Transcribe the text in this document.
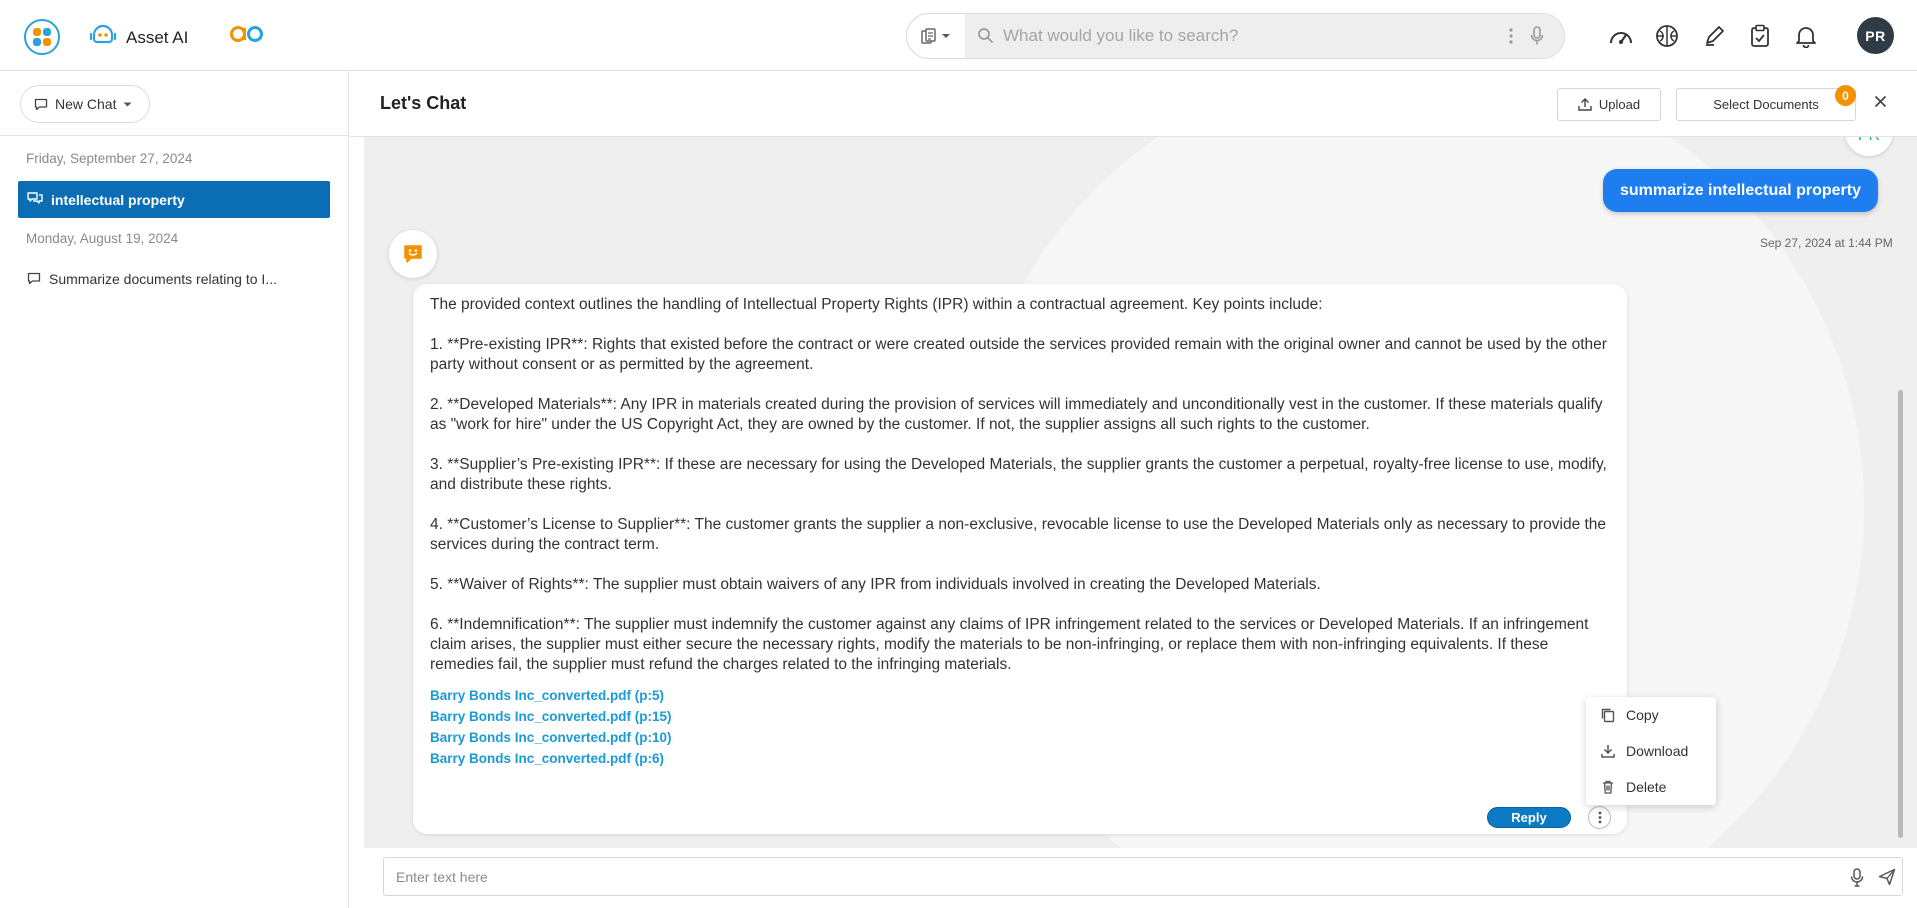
Asset AI
What would you like to search?	PR
New Chat
Friday, September 27, 2024
intellectual property
Monday, August 19, 2024
Summarize documents relating to I...
Let's Chat	Upload	Select Documents
0
summarize intellectual property
Sep 27, 2024 at 1:44 PM

The provided context outlines the handling of Intellectual Property Rights (IPR) within a contractual agreement. Key points include:

1. **Pre-existing IPR**: Rights that existed before the contract or were created outside the services provided remain with the original owner and cannot be used by the other party without consent or as permitted by the agreement.

2. **Developed Materials**: Any IPR in materials created during the provision of services will immediately and unconditionally vest in the customer. If these materials qualify as "work for hire" under the US Copyright Act, they are owned by the customer. If not, the supplier assigns all such rights to the customer.

3. **Supplier’s Pre-existing IPR**: If these are necessary for using the Developed Materials, the supplier grants the customer a perpetual, royalty-free license to use, modify, and distribute these rights.

4. **Customer’s License to Supplier**: The customer grants the supplier a non-exclusive, revocable license to use the Developed Materials only as necessary to provide the services during the contract term.

5. **Waiver of Rights**: The supplier must obtain waivers of any IPR from individuals involved in creating the Developed Materials.

6. **Indemnification**: The supplier must indemnify the customer against any claims of IPR infringement related to the services or Developed Materials. If an infringement claim arises, the supplier must either secure the necessary rights, modify the materials to be non-infringing, or replace them with non-infringing equivalents. If these remedies fail, the supplier must refund the charges related to the infringing materials.

Barry Bonds Inc_converted.pdf (p:5)
Barry Bonds Inc_converted.pdf (p:15)
Barry Bonds Inc_converted.pdf (p:10)
Barry Bonds Inc_converted.pdf (p:6)
Reply
Copy
Download
Delete
Enter text here
